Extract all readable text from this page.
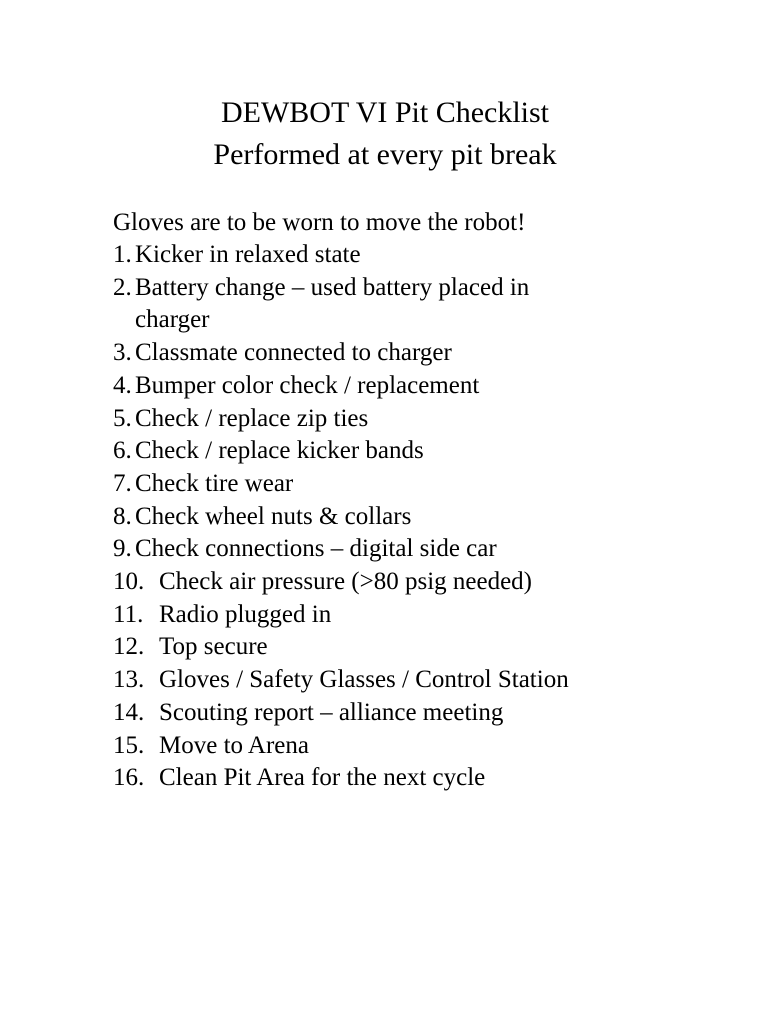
DEWBOT VI Pit Checklist
Performed at every pit break
Gloves are to be worn to move the robot!
1. Kicker in relaxed state
2. Battery change – used battery placed in charger
3. Classmate connected to charger
4. Bumper color check / replacement
5. Check / replace zip ties
6. Check / replace kicker bands
7. Check tire wear
8. Check wheel nuts & collars
9. Check connections – digital side car
10. Check air pressure (>80 psig needed)
11. Radio plugged in
12. Top secure
13. Gloves / Safety Glasses / Control Station
14. Scouting report – alliance meeting
15. Move to Arena
16. Clean Pit Area for the next cycle
